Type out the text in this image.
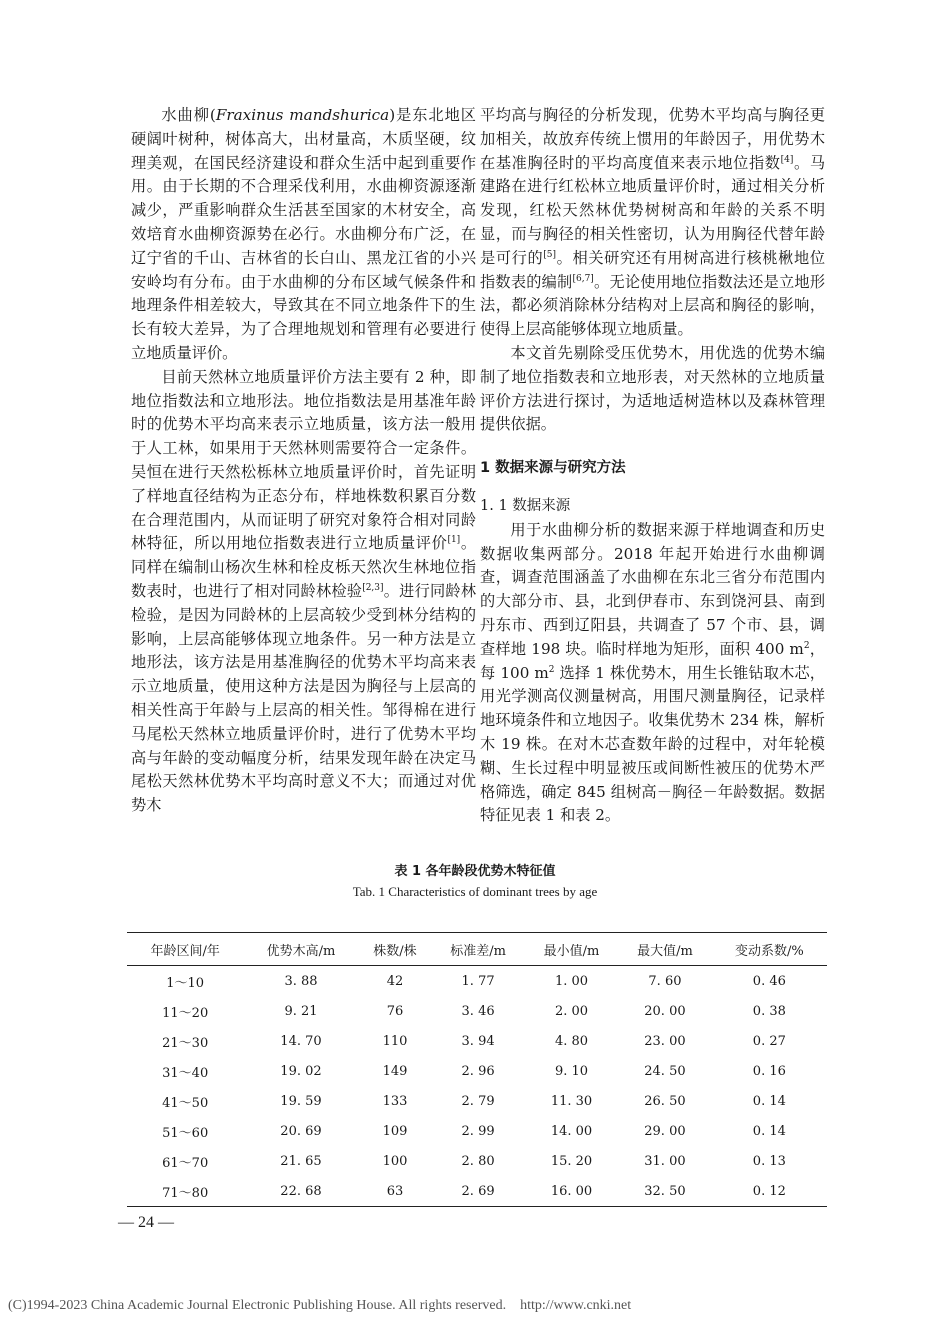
水曲柳(Fraxinus mandshurica)是东北地区硬阔叶树种，树体高大，出材量高，木质坚硬，纹理美观，在国民经济建设和群众生活中起到重要作用。由于长期的不合理采伐利用，水曲柳资源逐渐减少，严重影响群众生活甚至国家的木材安全，高效培育水曲柳资源势在必行。水曲柳分布广泛，在辽宁省的千山、吉林省的长白山、黑龙江省的小兴安岭均有分布。由于水曲柳的分布区域气候条件和地理条件相差较大，导致其在不同立地条件下的生长有较大差异，为了合理地规划和管理有必要进行立地质量评价。

目前天然林立地质量评价方法主要有 2 种，即地位指数法和立地形法。地位指数法是用基准年龄时的优势木平均高来表示立地质量，该方法一般用于人工林，如果用于天然林则需要符合一定条件。吴恒在进行天然松栎林立地质量评价时，首先证明了样地直径结构为正态分布，样地株数积累百分数在合理范围内，从而证明了研究对象符合相对同龄林特征，所以用地位指数表进行立地质量评价[1]。同样在编制山杨次生林和栓皮栎天然次生林地位指数表时，也进行了相对同龄林检验[2,3]。进行同龄林检验，是因为同龄林的上层高较少受到林分结构的影响，上层高能够体现立地条件。另一种方法是立地形法，该方法是用基准胸径的优势木平均高来表示立地质量，使用这种方法是因为胸径与上层高的相关性高于年龄与上层高的相关性。邹得棉在进行马尾松天然林立地质量评价时，进行了优势木平均高与年龄的变动幅度分析，结果发现年龄在决定马尾松天然林优势木平均高时意义不大；而通过对优势木

平均高与胸径的分析发现，优势木平均高与胸径更加相关，故放弃传统上惯用的年龄因子，用优势木在基准胸径时的平均高度值来表示地位指数[4]。马建路在进行红松林立地质量评价时，通过相关分析发现，红松天然林优势树树高和年龄的关系不明显，而与胸径的相关性密切，认为用胸径代替年龄是可行的[5]。相关研究还有用树高进行核桃楸地位指数表的编制[6,7]。无论使用地位指数法还是立地形法，都必须消除林分结构对上层高和胸径的影响，使得上层高能够体现立地质量。

本文首先剔除受压优势木，用优选的优势木编制了地位指数表和立地形表，对天然林的立地质量评价方法进行探讨，为适地适树造林以及森林管理提供依据。

1 数据来源与研究方法

1. 1 数据来源

用于水曲柳分析的数据来源于样地调查和历史数据收集两部分。2018 年起开始进行水曲柳调查，调查范围涵盖了水曲柳在东北三省分布范围内的大部分市、县，北到伊春市、东到饶河县、南到丹东市、西到辽阳县，共调查了 57 个市、县，调查样地 198 块。临时样地为矩形，面积 400 $m^2$，每 100 $m^2$ 选择 1 株优势木，用生长锥钻取木芯，用光学测高仪测量树高，用围尺测量胸径，记录样地环境条件和立地因子。收集优势木 234 株，解析木 19 株。在对木芯查数年龄的过程中，对年轮模糊、生长过程中明显被压或间断性被压的优势木严格筛选，确定 845 组树高－胸径－年龄数据。数据特征见表 1 和表 2。

表 1 各年龄段优势木特征值
Tab. 1 Characteristics of dominant trees by age
年龄区间/年	优势木高/m	株数/株	标准差/m	最小值/m	最大值/m	变动系数/%
1～10	3. 88	42	1. 77	1. 00	7. 60	0. 46
11～20	9. 21	76	3. 46	2. 00	20. 00	0. 38
21～30	14. 70	110	3. 94	4. 80	23. 00	0. 27
31～40	19. 02	149	2. 96	9. 10	24. 50	0. 16
41～50	19. 59	133	2. 79	11. 30	26. 50	0. 14
51～60	20. 69	109	2. 99	14. 00	29. 00	0. 14
61～70	21. 65	100	2. 80	15. 20	31. 00	0. 13
71～80	22. 68	63	2. 69	16. 00	32. 50	0. 12
— 24 —
(C)1994-2023 China Academic Journal Electronic Publishing House. All rights reserved. http://www.cnki.net
